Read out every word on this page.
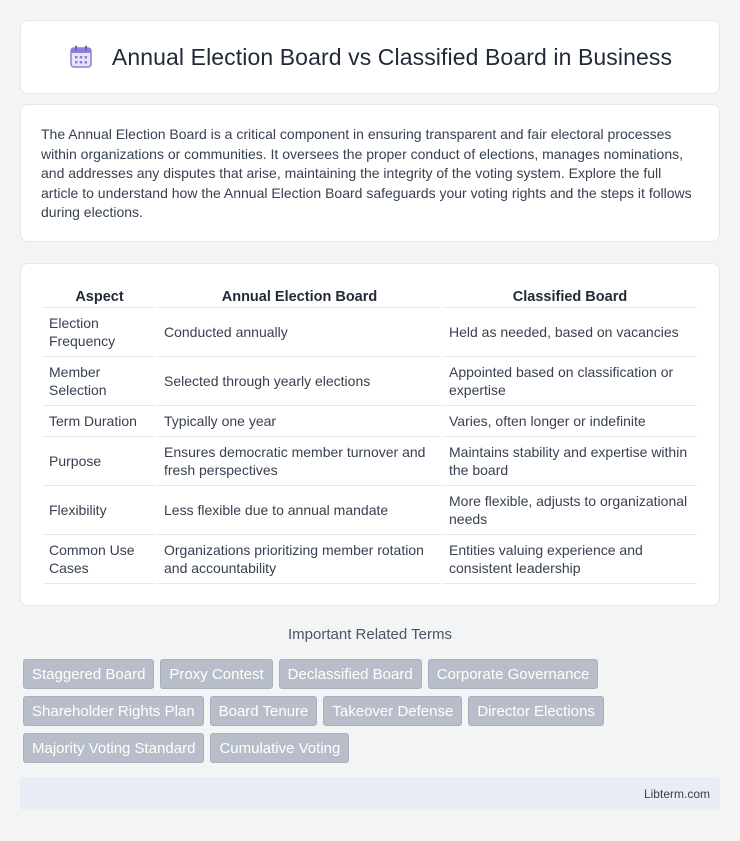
Annual Election Board vs Classified Board in Business

The Annual Election Board is a critical component in ensuring transparent and fair electoral processes within organizations or communities. It oversees the proper conduct of elections, manages nominations, and addresses any disputes that arise, maintaining the integrity of the voting system. Explore the full article to understand how the Annual Election Board safeguards your voting rights and the steps it follows during elections.

Aspect	Annual Election Board	Classified Board
Election Frequency	Conducted annually	Held as needed, based on vacancies
Member Selection	Selected through yearly elections	Appointed based on classification or expertise
Term Duration	Typically one year	Varies, often longer or indefinite
Purpose	Ensures democratic member turnover and fresh perspectives	Maintains stability and expertise within the board
Flexibility	Less flexible due to annual mandate	More flexible, adjusts to organizational needs
Common Use Cases	Organizations prioritizing member rotation and accountability	Entities valuing experience and consistent leadership
Important Related Terms
Staggered Board	Proxy Contest	Declassified Board	Corporate Governance
Shareholder Rights Plan	Board Tenure	Takeover Defense	Director Elections
Majority Voting Standard	Cumulative Voting
Libterm.com
